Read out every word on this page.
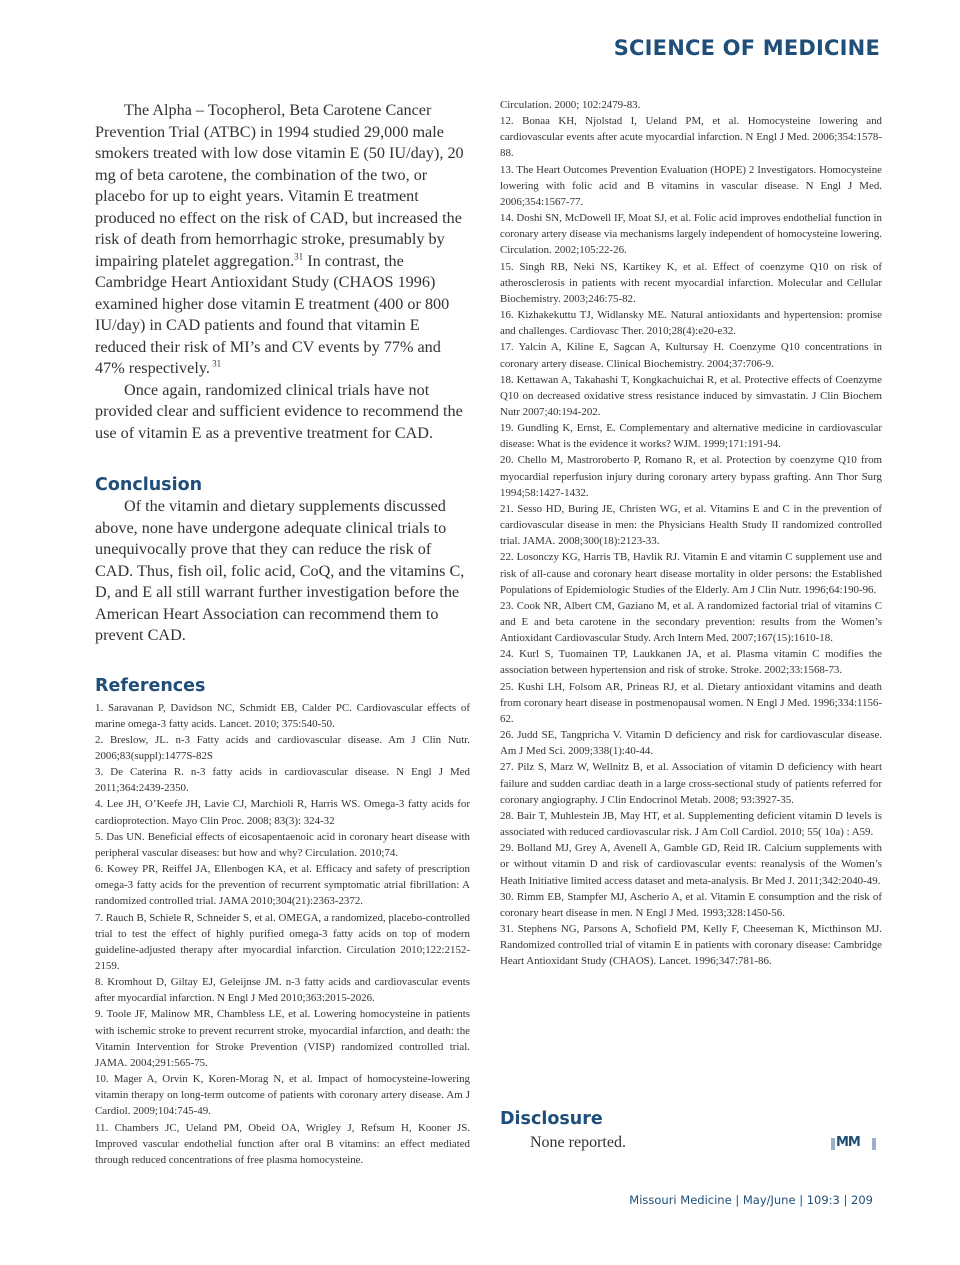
SCIENCE OF MEDICINE

The Alpha – Tocopherol, Beta Carotene Cancer Prevention Trial (ATBC) in 1994 studied 29,000 male smokers treated with low dose vitamin E (50 IU/day), 20 mg of beta carotene, the combination of the two, or placebo for up to eight years. Vitamin E treatment produced no effect on the risk of CAD, but increased the risk of death from hemorrhagic stroke, presumably by impairing platelet aggregation.$^{31}$ In contrast, the Cambridge Heart Antioxidant Study (CHAOS 1996) examined higher dose vitamin E treatment (400 or 800 IU/day) in CAD patients and found that vitamin E reduced their risk of MI’s and CV events by 77% and 47% respectively. $^{31}$

Once again, randomized clinical trials have not provided clear and sufficient evidence to recommend the use of vitamin E as a preventive treatment for CAD.

Conclusion

Of the vitamin and dietary supplements discussed above, none have undergone adequate clinical trials to unequivocally prove that they can reduce the risk of CAD. Thus, fish oil, folic acid, CoQ, and the vitamins C, D, and E all still warrant further investigation before the American Heart Association can recommend them to prevent CAD.

References

1. Saravanan P, Davidson NC, Schmidt EB, Calder PC. Cardiovascular effects of marine omega-3 fatty acids. Lancet. 2010; 375:540-50.

2. Breslow, JL. n-3 Fatty acids and cardiovascular disease. Am J Clin Nutr. 2006;83(suppl):1477S-82S

3. De Caterina R. n-3 fatty acids in cardiovascular disease. N Engl J Med 2011;364:2439-2350.

4. Lee JH, O’Keefe JH, Lavie CJ, Marchioli R, Harris WS. Omega-3 fatty acids for cardioprotection. Mayo Clin Proc. 2008; 83(3): 324-32

5. Das UN. Beneficial effects of eicosapentaenoic acid in coronary heart disease with peripheral vascular diseases: but how and why? Circulation. 2010;74.

6. Kowey PR, Reiffel JA, Ellenbogen KA, et al. Efficacy and safety of prescription omega-3 fatty acids for the prevention of recurrent symptomatic atrial fibrillation: A randomized controlled trial. JAMA 2010;304(21):2363-2372.

7. Rauch B, Schiele R, Schneider S, et al. OMEGA, a randomized, placebo-controlled trial to test the effect of highly purified omega-3 fatty acids on top of modern guideline-adjusted therapy after myocardial infarction. Circulation 2010;122:2152-2159.

8. Kromhout D, Giltay EJ, Geleijnse JM. n-3 fatty acids and cardiovascular events after myocardial infarction. N Engl J Med 2010;363:2015-2026.

9. Toole JF, Malinow MR, Chambless LE, et al. Lowering homocysteine in patients with ischemic stroke to prevent recurrent stroke, myocardial infarction, and death: the Vitamin Intervention for Stroke Prevention (VISP) randomized controlled trial. JAMA. 2004;291:565-75.

10. Mager A, Orvin K, Koren-Morag N, et al. Impact of homocysteine-lowering vitamin therapy on long-term outcome of patients with coronary artery disease. Am J Cardiol. 2009;104:745-49.

11. Chambers JC, Ueland PM, Obeid OA, Wrigley J, Refsum H, Kooner JS. Improved vascular endothelial function after oral B vitamins: an effect mediated through reduced concentrations of free plasma homocysteine.

Circulation. 2000; 102:2479-83.

12. Bonaa KH, Njolstad I, Ueland PM, et al. Homocysteine lowering and cardiovascular events after acute myocardial infarction. N Engl J Med. 2006;354:1578-88.

13. The Heart Outcomes Prevention Evaluation (HOPE) 2 Investigators. Homocysteine lowering with folic acid and B vitamins in vascular disease. N Engl J Med. 2006;354:1567-77.

14. Doshi SN, McDowell IF, Moat SJ, et al. Folic acid improves endothelial function in coronary artery disease via mechanisms largely independent of homocysteine lowering. Circulation. 2002;105:22-26.

15. Singh RB, Neki NS, Kartikey K, et al. Effect of coenzyme Q10 on risk of atherosclerosis in patients with recent myocardial infarction. Molecular and Cellular Biochemistry. 2003;246:75-82.

16. Kizhakekuttu TJ, Widlansky ME. Natural antioxidants and hypertension: promise and challenges. Cardiovasc Ther. 2010;28(4):e20-e32.

17. Yalcin A, Kiline E, Sagcan A, Kultursay H. Coenzyme Q10 concentrations in coronary artery disease. Clinical Biochemistry. 2004;37:706-9.

18. Kettawan A, Takahashi T, Kongkachuichai R, et al. Protective effects of Coenzyme Q10 on decreased oxidative stress resistance induced by simvastatin. J Clin Biochem Nutr 2007;40:194-202.

19. Gundling K, Ernst, E. Complementary and alternative medicine in cardiovascular disease: What is the evidence it works? WJM. 1999;171:191-94.

20. Chello M, Mastroroberto P, Romano R, et al. Protection by coenzyme Q10 from myocardial reperfusion injury during coronary artery bypass grafting. Ann Thor Surg 1994;58:1427-1432.

21. Sesso HD, Buring JE, Christen WG, et al. Vitamins E and C in the prevention of cardiovascular disease in men: the Physicians Health Study II randomized controlled trial. JAMA. 2008;300(18):2123-33.

22. Losonczy KG, Harris TB, Havlik RJ. Vitamin E and vitamin C supplement use and risk of all-cause and coronary heart disease mortality in older persons: the Established Populations of Epidemiologic Studies of the Elderly. Am J Clin Nutr. 1996;64:190-96.

23. Cook NR, Albert CM, Gaziano M, et al. A randomized factorial trial of vitamins C and E and beta carotene in the secondary prevention: results from the Women’s Antioxidant Cardiovascular Study. Arch Intern Med. 2007;167(15):1610-18.

24. Kurl S, Tuomainen TP, Laukkanen JA, et al. Plasma vitamin C modifies the association between hypertension and risk of stroke. Stroke. 2002;33:1568-73.

25. Kushi LH, Folsom AR, Prineas RJ, et al. Dietary antioxidant vitamins and death from coronary heart disease in postmenopausal women. N Engl J Med. 1996;334:1156-62.

26. Judd SE, Tangpricha V. Vitamin D deficiency and risk for cardiovascular disease. Am J Med Sci. 2009;338(1):40-44.

27. Pilz S, Marz W, Wellnitz B, et al. Association of vitamin D deficiency with heart failure and sudden cardiac death in a large cross-sectional study of patients referred for coronary angiography. J Clin Endocrinol Metab. 2008; 93:3927-35.

28. Bair T, Muhlestein JB, May HT, et al. Supplementing deficient vitamin D levels is associated with reduced cardiovascular risk. J Am Coll Cardiol. 2010; 55( 10a) : A59.

29. Bolland MJ, Grey A, Avenell A, Gamble GD, Reid IR. Calcium supplements with or without vitamin D and risk of cardiovascular events: reanalysis of the Women’s Heath Initiative limited access dataset and meta-analysis. Br Med J. 2011;342:2040-49.

30. Rimm EB, Stampfer MJ, Ascherio A, et al. Vitamin E consumption and the risk of coronary heart disease in men. N Engl J Med. 1993;328:1450-56.

31. Stephens NG, Parsons A, Schofield PM, Kelly F, Cheeseman K, Micthinson MJ. Randomized controlled trial of vitamin E in patients with coronary disease: Cambridge Heart Antioxidant Study (CHAOS). Lancet. 1996;347:781-86.

Disclosure

None reported.	MM
Missouri Medicine | May/June | 109:3 | 209
